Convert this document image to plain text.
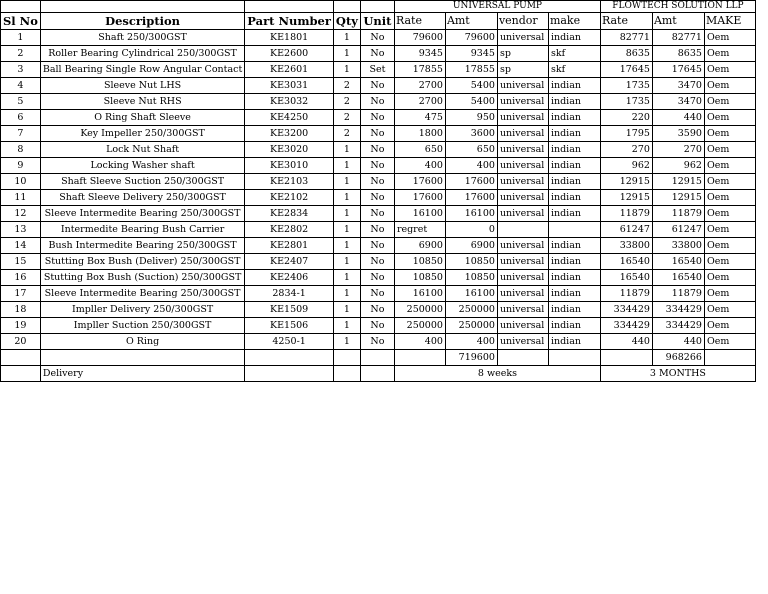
					UNIVERSAL PUMP				FLOWTECH SOLUTION LLP		
Sl No	Description	Part Number	Qty	Unit	Rate	Amt	vendor	make	Rate	Amt	MAKE
1	Shaft 250/300GST	KE1801	1	No	79600	79600	universal	indian	82771	82771	Oem
2	Roller Bearing Cylindrical 250/300GST	KE2600	1	No	9345	9345	sp	skf	8635	8635	Oem
3	Ball Bearing Single Row Angular Contact	KE2601	1	Set	17855	17855	sp	skf	17645	17645	Oem
4	Sleeve Nut LHS	KE3031	2	No	2700	5400	universal	indian	1735	3470	Oem
5	Sleeve Nut RHS	KE3032	2	No	2700	5400	universal	indian	1735	3470	Oem
6	O Ring Shaft Sleeve	KE4250	2	No	475	950	universal	indian	220	440	Oem
7	Key Impeller 250/300GST	KE3200	2	No	1800	3600	universal	indian	1795	3590	Oem
8	Lock Nut Shaft	KE3020	1	No	650	650	universal	indian	270	270	Oem
9	Locking Washer shaft	KE3010	1	No	400	400	universal	indian	962	962	Oem
10	Shaft Sleeve Suction 250/300GST	KE2103	1	No	17600	17600	universal	indian	12915	12915	Oem
11	Shaft Sleeve Delivery 250/300GST	KE2102	1	No	17600	17600	universal	indian	12915	12915	Oem
12	Sleeve Intermedite Bearing 250/300GST	KE2834	1	No	16100	16100	universal	indian	11879	11879	Oem
13	Intermedite Bearing Bush Carrier	KE2802	1	No	regret	0			61247	61247	Oem
14	Bush Intermedite Bearing 250/300GST	KE2801	1	No	6900	6900	universal	indian	33800	33800	Oem
15	Stutting Box Bush (Deliver) 250/300GST	KE2407	1	No	10850	10850	universal	indian	16540	16540	Oem
16	Stutting Box Bush (Suction) 250/300GST	KE2406	1	No	10850	10850	universal	indian	16540	16540	Oem
17	Sleeve Intermedite Bearing 250/300GST	2834-1	1	No	16100	16100	universal	indian	11879	11879	Oem
18	Impller Delivery 250/300GST	KE1509	1	No	250000	250000	universal	indian	334429	334429	Oem
19	Impller Suction 250/300GST	KE1506	1	No	250000	250000	universal	indian	334429	334429	Oem
20	O Ring	4250-1	1	No	400	400	universal	indian	440	440	Oem
						719600				968266	
	Delivery				8 weeks				3 MONTHS		
